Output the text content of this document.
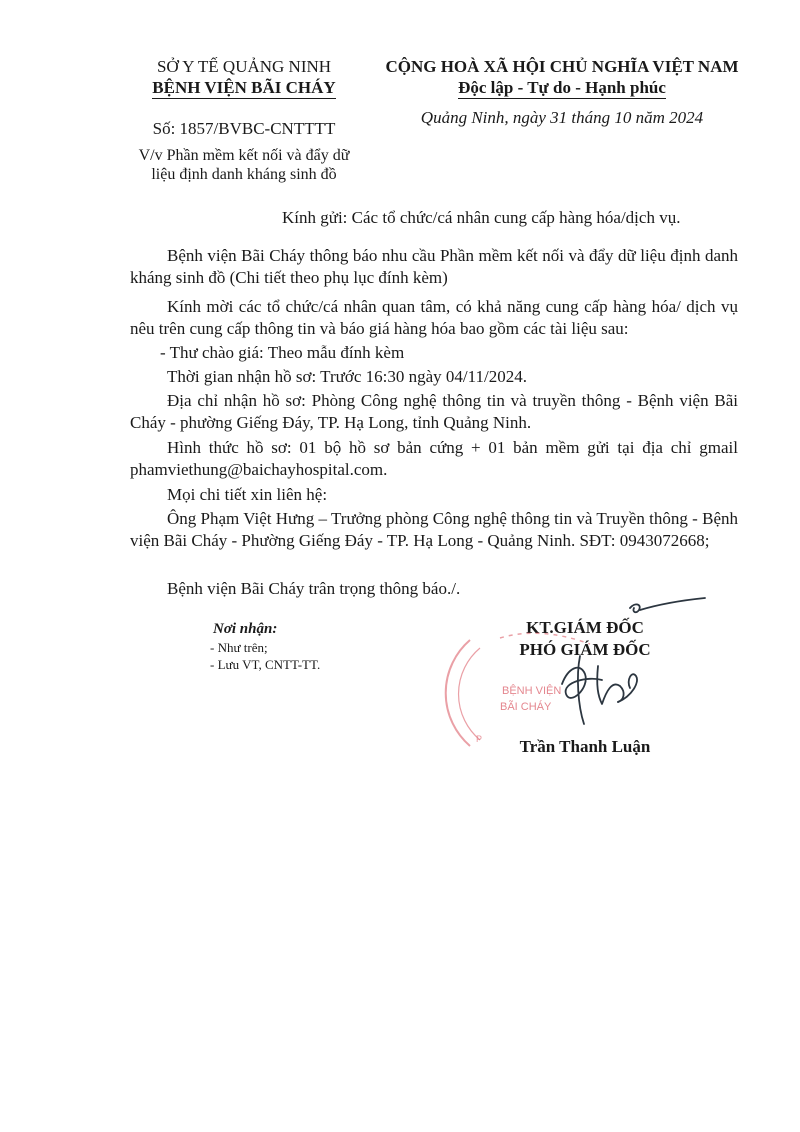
SỞ Y TẾ QUẢNG NINH
BỆNH VIỆN BÃI CHÁY
Số: 1857/BVBC-CNTTTT
V/v Phần mềm kết nối và đẩy dữ
liệu định danh kháng sinh đồ
CỘNG HOÀ XÃ HỘI CHỦ NGHĨA VIỆT NAM
Độc lập - Tự do - Hạnh phúc
Quảng Ninh, ngày 31 tháng 10 năm 2024
Kính gửi: Các tổ chức/cá nhân cung cấp hàng hóa/dịch vụ.

Bệnh viện Bãi Cháy thông báo nhu cầu Phần mềm kết nối và đẩy dữ liệu định danh kháng sinh đồ (Chi tiết theo phụ lục đính kèm)

Kính mời các tổ chức/cá nhân quan tâm, có khả năng cung cấp hàng hóa/ dịch vụ nêu trên cung cấp thông tin và báo giá hàng hóa bao gồm các tài liệu sau:

- Thư chào giá: Theo mẫu đính kèm

Thời gian nhận hồ sơ: Trước 16:30 ngày 04/11/2024.

Địa chỉ nhận hồ sơ: Phòng Công nghệ thông tin và truyền thông - Bệnh viện Bãi Cháy - phường Giếng Đáy, TP. Hạ Long, tỉnh Quảng Ninh.

Hình thức hồ sơ: 01 bộ hồ sơ bản cứng + 01 bản mềm gửi tại địa chỉ gmail phamviethung@baichayhospital.com.

Mọi chi tiết xin liên hệ:

Ông Phạm Việt Hưng – Trưởng phòng Công nghệ thông tin và Truyền thông - Bệnh viện Bãi Cháy - Phường Giếng Đáy - TP. Hạ Long - Quảng Ninh. SĐT: 0943072668;

Bệnh viện Bãi Cháy trân trọng thông báo./.

Nơi nhận:
- Như trên;
- Lưu VT, CNTT-TT.
KT.GIÁM ĐỐC
PHÓ GIÁM ĐỐC
BỆNH VIỆN
BÃI CHÁY
P	Trần Thanh Luận
